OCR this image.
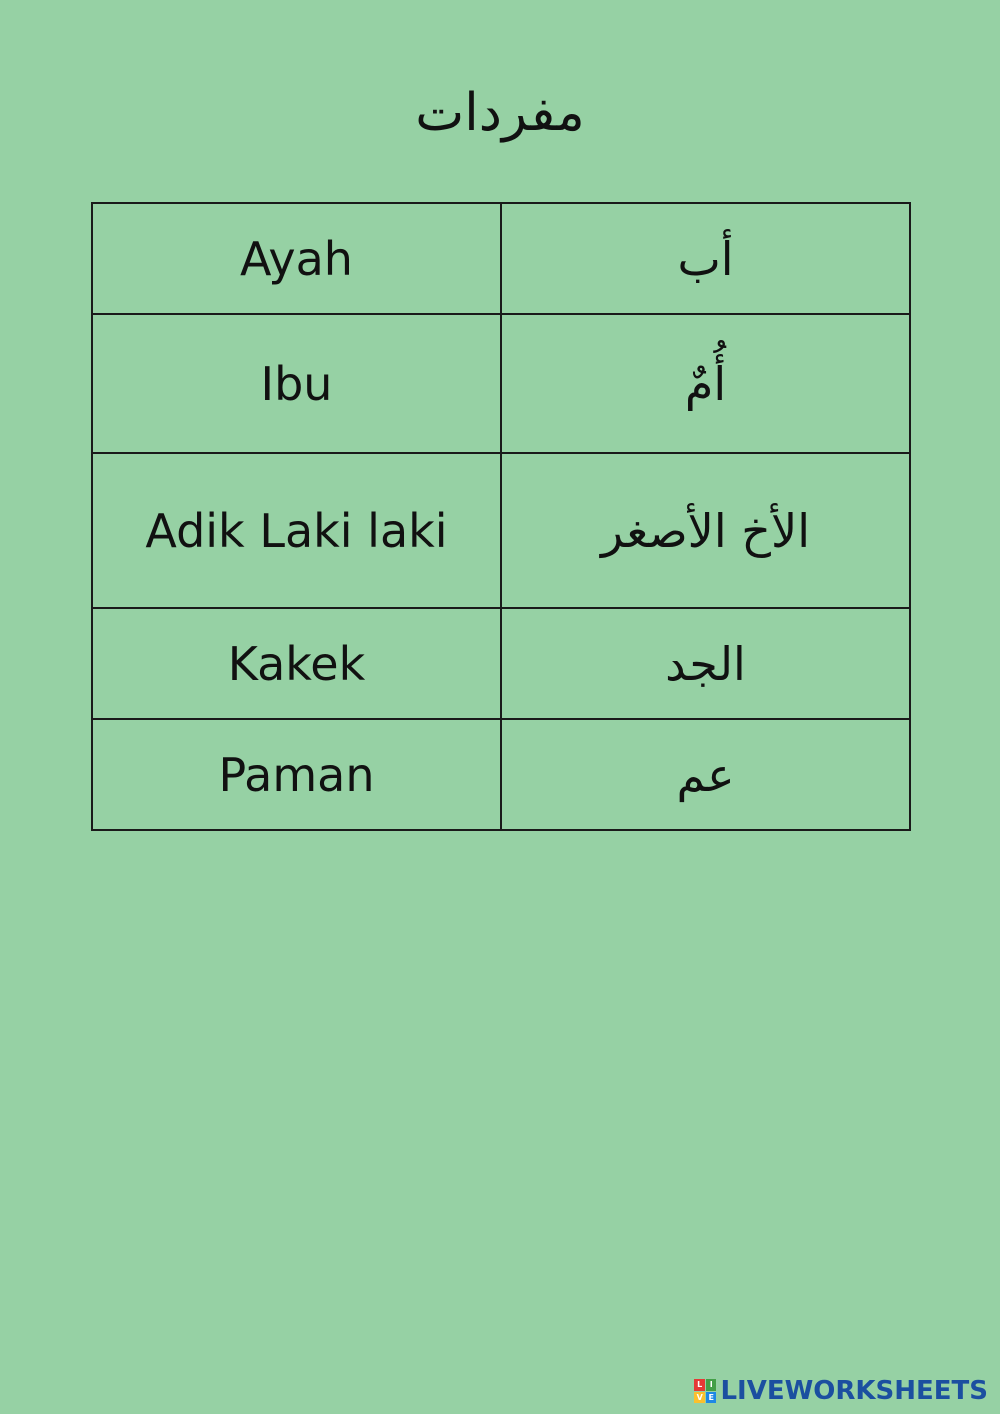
مفردات
Ayah	أب
Ibu	أُمٌ
Adik Laki laki	الأخ الأصغر
Kakek	الجد
Paman	عم
L I
V E LIVEWORKSHEETS
